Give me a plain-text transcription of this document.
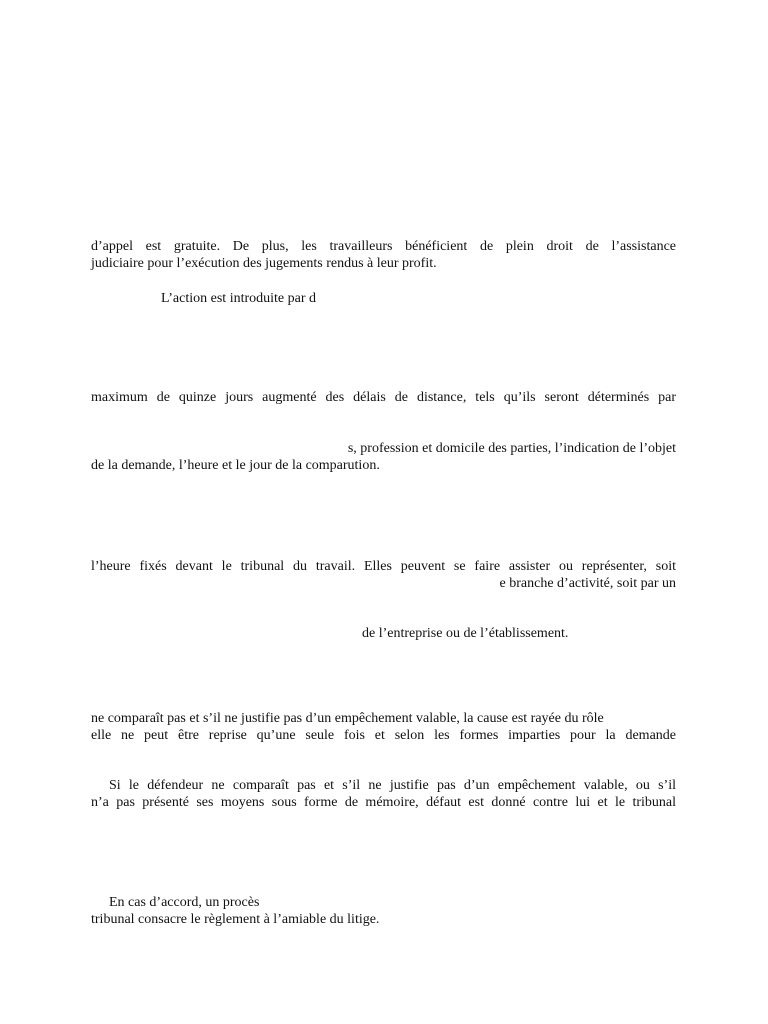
d’appel est gratuite. De plus, les travailleurs bénéficient de plein droit de l’assistance
judiciaire pour l’exécution des jugements rendus à leur profit.
L’action est introduite par d
maximum de quinze jours augmenté des délais de distance, tels qu’ils seront déterminés par
s, profession et domicile des parties, l’indication de l’objet
de la demande, l’heure et le jour de la comparution.
l’heure fixés devant le tribunal du travail. Elles peuvent se faire assister ou représenter, soit
e branche d’activité, soit par un
de l’entreprise ou de l’établissement.
ne comparaît pas et s’il ne justifie pas d’un empêchement valable, la cause est rayée du rôle
elle ne peut être reprise qu’une seule fois et selon les formes imparties pour la demande
Si le défendeur ne comparaît pas et s’il ne justifie pas d’un empêchement valable, ou s’il
n’a pas présenté ses moyens sous forme de mémoire, défaut est donné contre lui et le tribunal
En cas d’accord, un procès
tribunal consacre le règlement à l’amiable du litige.
